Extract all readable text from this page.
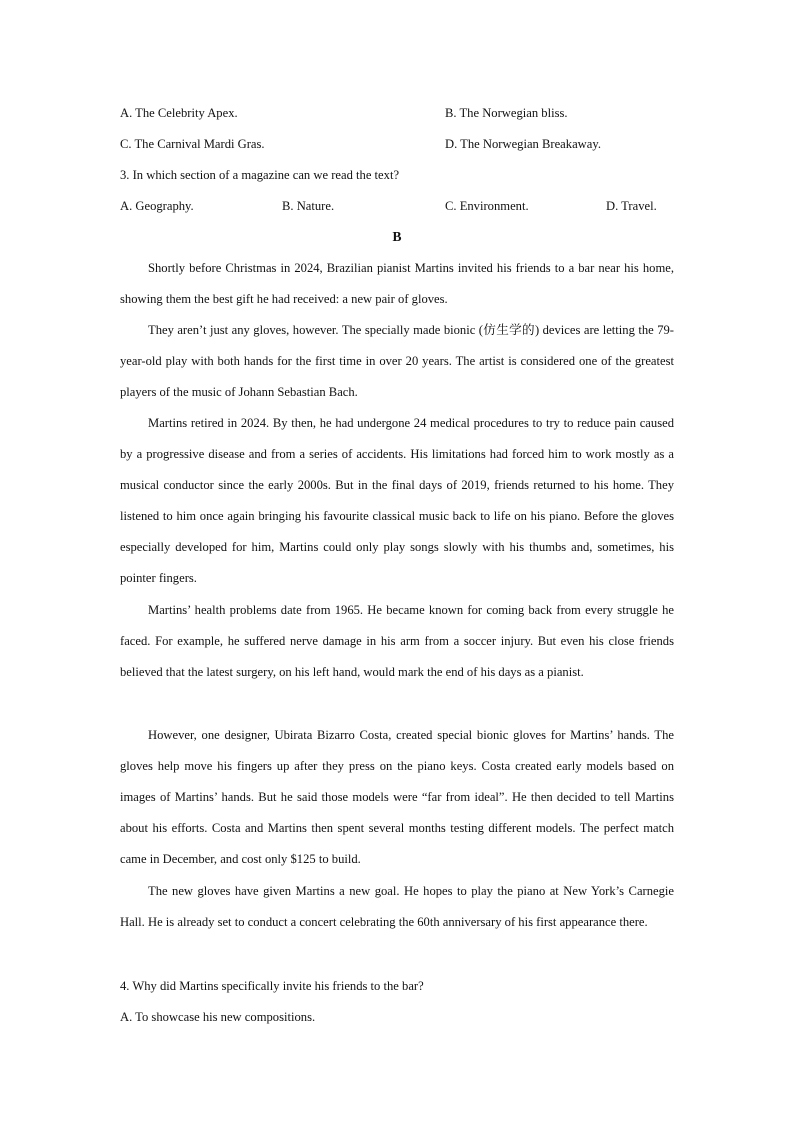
A. The Celebrity Apex.	B. The Norwegian bliss.
C. The Carnival Mardi Gras.	D. The Norwegian Breakaway.
3. In which section of a magazine can we read the text?
A. Geography.	B. Nature.	C. Environment.	D. Travel.
B

Shortly before Christmas in 2024, Brazilian pianist Martins invited his friends to a bar near his home, showing them the best gift he had received: a new pair of gloves.

They aren’t just any gloves, however. The specially made bionic (仿生学的) devices are letting the 79-year-old play with both hands for the first time in over 20 years. The artist is considered one of the greatest players of the music of Johann Sebastian Bach.

Martins retired in 2024. By then, he had undergone 24 medical procedures to try to reduce pain caused by a progressive disease and from a series of accidents. His limitations had forced him to work mostly as a musical conductor since the early 2000s. But in the final days of 2019, friends returned to his home. They listened to him once again bringing his favourite classical music back to life on his piano. Before the gloves especially developed for him, Martins could only play songs slowly with his thumbs and, sometimes, his pointer fingers.

Martins’ health problems date from 1965. He became known for coming back from every struggle he faced. For example, he suffered nerve damage in his arm from a soccer injury. But even his close friends believed that the latest surgery, on his left hand, would mark the end of his days as a pianist.

However, one designer, Ubirata Bizarro Costa, created special bionic gloves for Martins’ hands. The gloves help move his fingers up after they press on the piano keys. Costa created early models based on images of Martins’ hands. But he said those models were “far from ideal”. He then decided to tell Martins about his efforts. Costa and Martins then spent several months testing different models. The perfect match came in December, and cost only $125 to build.

The new gloves have given Martins a new goal. He hopes to play the piano at New York’s Carnegie Hall. He is already set to conduct a concert celebrating the 60th anniversary of his first appearance there.

4. Why did Martins specifically invite his friends to the bar?
A. To showcase his new compositions.
